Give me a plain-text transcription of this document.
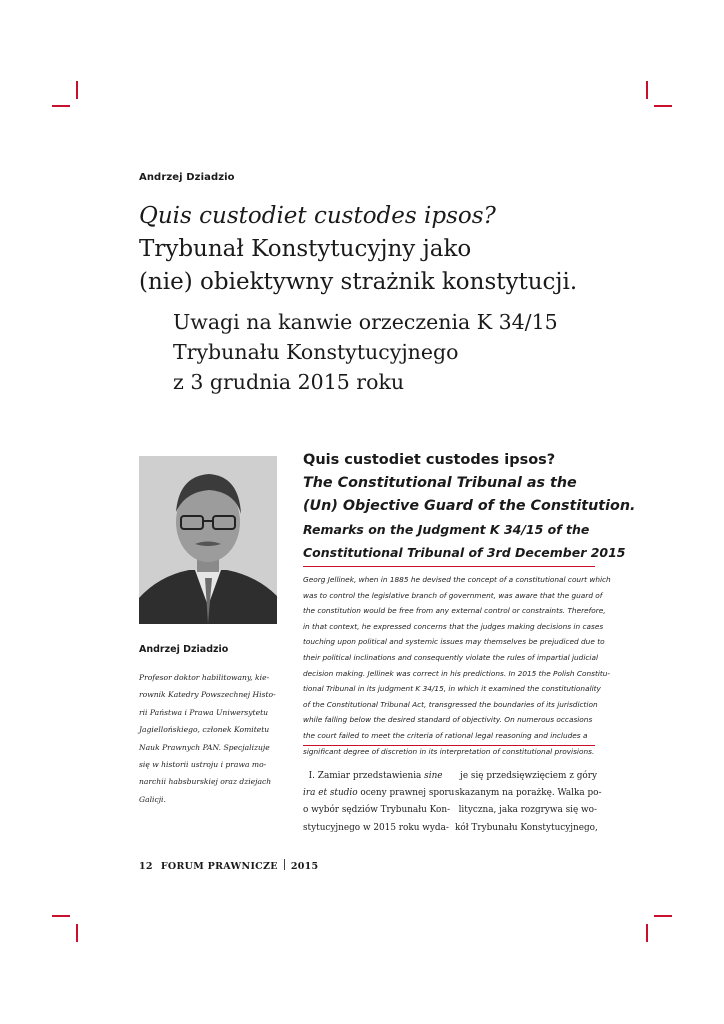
Andrzej Dziadzio
Quis custodiet custodes ipsos?
Trybunał Konstytucyjny jako
(nie) obiektywny strażnik konstytucji.
Uwagi na kanwie orzeczenia K 34/15
Trybunału Konstytucyjnego
z 3 grudnia 2015 roku
Andrzej Dziadzio
Profesor doktor habilitowany, kie-
rownik Katedry Powszechnej Histo-
rii Państwa i Prawa Uniwersytetu
Jagiellońskiego, członek Komitetu
Nauk Prawnych PAN. Specjalizuje
się w historii ustroju i prawa mo-
narchii habsburskiej oraz dziejach
Galicji.
Quis custodiet custodes ipsos?
The Constitutional Tribunal as the
(Un) Objective Guard of the Constitution.
Remarks on the Judgment K 34/15 of the
Constitutional Tribunal of 3rd December 2015
Georg Jellinek, when in 1885 he devised the concept of a constitutional court which
was to control the legislative branch of government, was aware that the guard of
the constitution would be free from any external control or constraints. Therefore,
in that context, he expressed concerns that the judges making decisions in cases
touching upon political and systemic issues may themselves be prejudiced due to
their political inclinations and consequently violate the rules of impartial judicial
decision making. Jellinek was correct in his predictions. In 2015 the Polish Constitu-
tional Tribunal in its judgment K 34/15, in which it examined the constitutionality
of the Constitutional Tribunal Act, transgressed the boundaries of its jurisdiction
while falling below the desired standard of objectivity. On numerous occasions
the court failed to meet the criteria of rational legal reasoning and includes a
significant degree of discretion in its interpretation of constitutional provisions.
I. Zamiar przedstawienia sine
ira et studio oceny prawnej sporu
o wybór sędziów Trybunału Kon-
stytucyjnego w 2015 roku wyda-
je się przedsięwzięciem z góry
skazanym na porażkę. Walka po-
lityczna, jaka rozgrywa się wo-
kół Trybunału Konstytucyjnego,
12 FORUM PRAWNICZE 2015
